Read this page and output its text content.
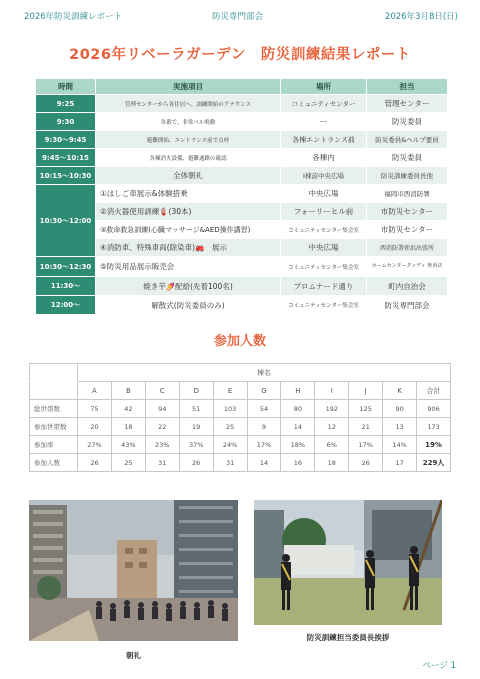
2026年防災訓練レポート	防災専門部会	2026年3月8日(日)
2026年リベーラガーデン　防災訓練結果レポート
時間	実施項目	場所	担当
9:25	管理センターから各住居へ、訓練開始のアナウンス	コミュニティセンター	管理センター
9:30	各番で、非常ベル鳴動	ー	防災委員
9:30～9:45	避難開始、エントランス前で点呼	各棟エントランス前	防災委員&ヘルプ要員
9:45～10:15	各棟消火設備、避難通路の確認	各棟内	防災委員
10:15～10:30	全体朝礼	Ⅰ棟前中央広場	防災訓練委員長他
10:30～12:00	①はしご車展示&体験搭乗	中央広場	福岡市西消防署
	②消火器使用訓練🧯(30本)	フォーリーヒル前	市防災センター
	③救命救急訓練(心臓マッサージ&AED操作講習)	コミュニティセンター集会室	市防災センター
	④消防車、特殊車両(除染車)🚒　展示	中央広場	西消防署姪浜出張所
10:30～12:30	⑤防災用品展示販売会	コミュニティセンター集会室	ホームセンターグッディ 姪浜店
11:30～	焼き芋🍠配給(先着100名)	プロムナード通り	町内自治会
12:00～	解散式(防災委員のみ)	コミュニティセンター集会室	防災専門部会
参加人数
	棟名										
	A	B	C	D	E	G	H	I	J	K	合計
総世帯数	75	42	94	51	103	54	80	192	125	90	906
参加世帯数	20	18	22	19	25	9	14	12	21	13	173
参加率	27%	43%	23%	37%	24%	17%	18%	6%	17%	14%	19%
参加人数	26	25	31	26	31	14	16	18	26	17	229人
朝礼
防災訓練担当委員長挨拶
ページ 1
